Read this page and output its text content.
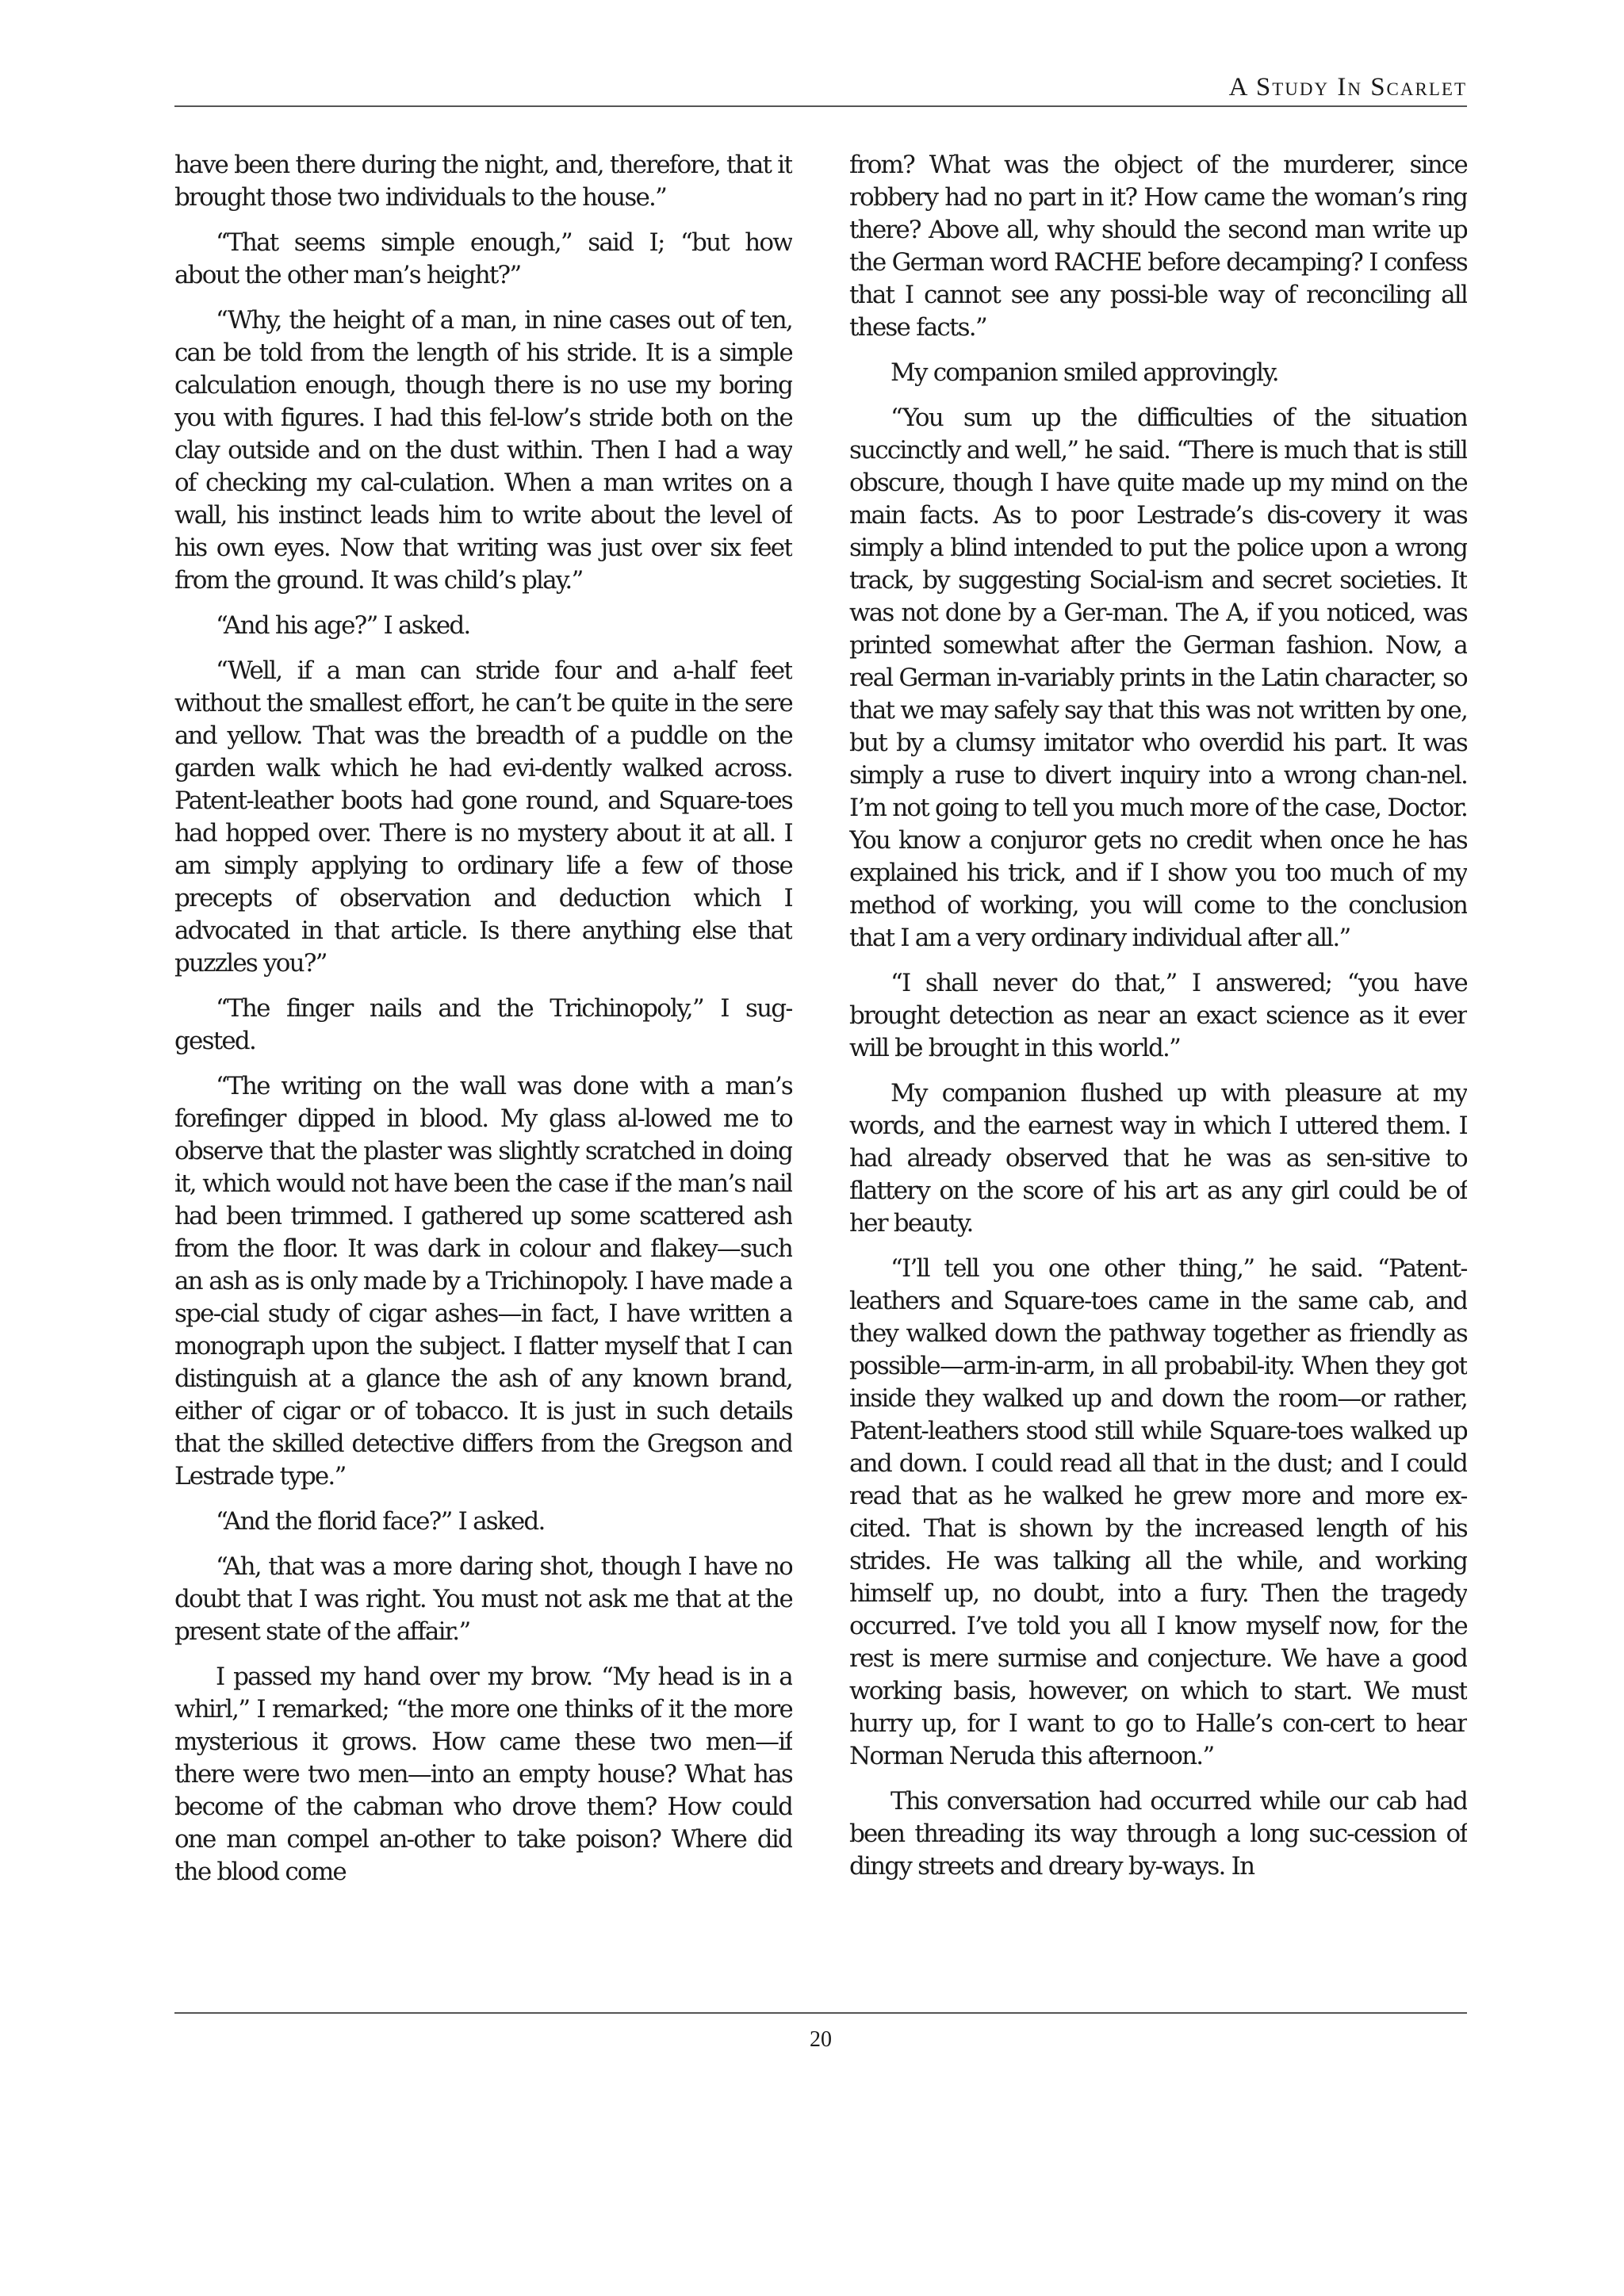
A Study In Scarlet

have been there during the night, and, therefore, that it brought those two individuals to the house.”

“That seems simple enough,” said I; “but how about the other man’s height?”

“Why, the height of a man, in nine cases out of ten, can be told from the length of his stride. It is a simple calculation enough, though there is no use my boring you with figures. I had this fel-low’s stride both on the clay outside and on the dust within. Then I had a way of checking my cal-culation. When a man writes on a wall, his instinct leads him to write about the level of his own eyes. Now that writing was just over six feet from the ground. It was child’s play.”

“And his age?” I asked.

“Well, if a man can stride four and a-half feet without the smallest effort, he can’t be quite in the sere and yellow. That was the breadth of a puddle on the garden walk which he had evi-dently walked across. Patent-leather boots had gone round, and Square-toes had hopped over. There is no mystery about it at all. I am simply applying to ordinary life a few of those precepts of observation and deduction which I advocated in that article. Is there anything else that puzzles you?”

“The finger nails and the Trichinopoly,” I sug-gested.

“The writing on the wall was done with a man’s forefinger dipped in blood. My glass al-lowed me to observe that the plaster was slightly scratched in doing it, which would not have been the case if the man’s nail had been trimmed. I gathered up some scattered ash from the floor. It was dark in colour and flakey—such an ash as is only made by a Trichinopoly. I have made a spe-cial study of cigar ashes—in fact, I have written a monograph upon the subject. I flatter myself that I can distinguish at a glance the ash of any known brand, either of cigar or of tobacco. It is just in such details that the skilled detective differs from the Gregson and Lestrade type.”

“And the florid face?” I asked.

“Ah, that was a more daring shot, though I have no doubt that I was right. You must not ask me that at the present state of the affair.”

I passed my hand over my brow. “My head is in a whirl,” I remarked; “the more one thinks of it the more mysterious it grows. How came these two men—if there were two men—into an empty house? What has become of the cabman who drove them? How could one man compel an-other to take poison? Where did the blood come

from? What was the object of the murderer, since robbery had no part in it? How came the woman’s ring there? Above all, why should the second man write up the German word RACHE before decamping? I confess that I cannot see any possi-ble way of reconciling all these facts.”

My companion smiled approvingly.

“You sum up the difficulties of the situation succinctly and well,” he said. “There is much that is still obscure, though I have quite made up my mind on the main facts. As to poor Lestrade’s dis-covery it was simply a blind intended to put the police upon a wrong track, by suggesting Social-ism and secret societies. It was not done by a Ger-man. The A, if you noticed, was printed somewhat after the German fashion. Now, a real German in-variably prints in the Latin character, so that we may safely say that this was not written by one, but by a clumsy imitator who overdid his part. It was simply a ruse to divert inquiry into a wrong chan-nel. I’m not going to tell you much more of the case, Doctor. You know a conjuror gets no credit when once he has explained his trick, and if I show you too much of my method of working, you will come to the conclusion that I am a very ordinary individual after all.”

“I shall never do that,” I answered; “you have brought detection as near an exact science as it ever will be brought in this world.”

My companion flushed up with pleasure at my words, and the earnest way in which I uttered them. I had already observed that he was as sen-sitive to flattery on the score of his art as any girl could be of her beauty.

“I’ll tell you one other thing,” he said. “Patent-leathers and Square-toes came in the same cab, and they walked down the pathway together as friendly as possible—arm-in-arm, in all probabil-ity. When they got inside they walked up and down the room—or rather, Patent-leathers stood still while Square-toes walked up and down. I could read all that in the dust; and I could read that as he walked he grew more and more ex-cited. That is shown by the increased length of his strides. He was talking all the while, and working himself up, no doubt, into a fury. Then the tragedy occurred. I’ve told you all I know myself now, for the rest is mere surmise and conjecture. We have a good working basis, however, on which to start. We must hurry up, for I want to go to Halle’s con-cert to hear Norman Neruda this afternoon.”

This conversation had occurred while our cab had been threading its way through a long suc-cession of dingy streets and dreary by-ways. In

20
